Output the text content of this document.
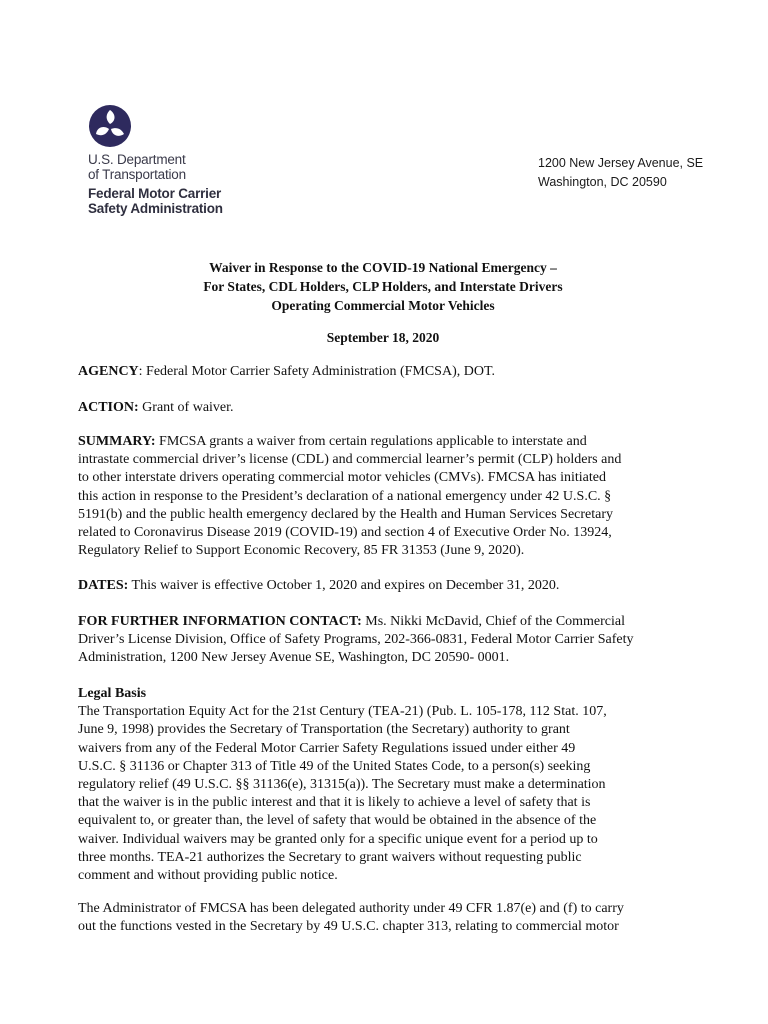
U.S. Department
of Transportation
Federal Motor Carrier
Safety Administration
1200 New Jersey Avenue, SE
Washington, DC 20590
Waiver in Response to the COVID-19 National Emergency –
For States, CDL Holders, CLP Holders, and Interstate Drivers
Operating Commercial Motor Vehicles
September 18, 2020
AGENCY: Federal Motor Carrier Safety Administration (FMCSA), DOT.
ACTION: Grant of waiver.
SUMMARY: FMCSA grants a waiver from certain regulations applicable to interstate and
intrastate commercial driver’s license (CDL) and commercial learner’s permit (CLP) holders and
to other interstate drivers operating commercial motor vehicles (CMVs). FMCSA has initiated
this action in response to the President’s declaration of a national emergency under 42 U.S.C. §
5191(b) and the public health emergency declared by the Health and Human Services Secretary
related to Coronavirus Disease 2019 (COVID-19) and section 4 of Executive Order No. 13924,
Regulatory Relief to Support Economic Recovery, 85 FR 31353 (June 9, 2020).
DATES: This waiver is effective October 1, 2020 and expires on December 31, 2020.
FOR FURTHER INFORMATION CONTACT: Ms. Nikki McDavid, Chief of the Commercial
Driver’s License Division, Office of Safety Programs, 202-366-0831, Federal Motor Carrier Safety
Administration, 1200 New Jersey Avenue SE, Washington, DC 20590- 0001.
Legal Basis
The Transportation Equity Act for the 21st Century (TEA-21) (Pub. L. 105-178, 112 Stat. 107,
June 9, 1998) provides the Secretary of Transportation (the Secretary) authority to grant
waivers from any of the Federal Motor Carrier Safety Regulations issued under either 49
U.S.C. § 31136 or Chapter 313 of Title 49 of the United States Code, to a person(s) seeking
regulatory relief (49 U.S.C. §§ 31136(e), 31315(a)). The Secretary must make a determination
that the waiver is in the public interest and that it is likely to achieve a level of safety that is
equivalent to, or greater than, the level of safety that would be obtained in the absence of the
waiver. Individual waivers may be granted only for a specific unique event for a period up to
three months. TEA-21 authorizes the Secretary to grant waivers without requesting public
comment and without providing public notice.
The Administrator of FMCSA has been delegated authority under 49 CFR 1.87(e) and (f) to carry
out the functions vested in the Secretary by 49 U.S.C. chapter 313, relating to commercial motor
